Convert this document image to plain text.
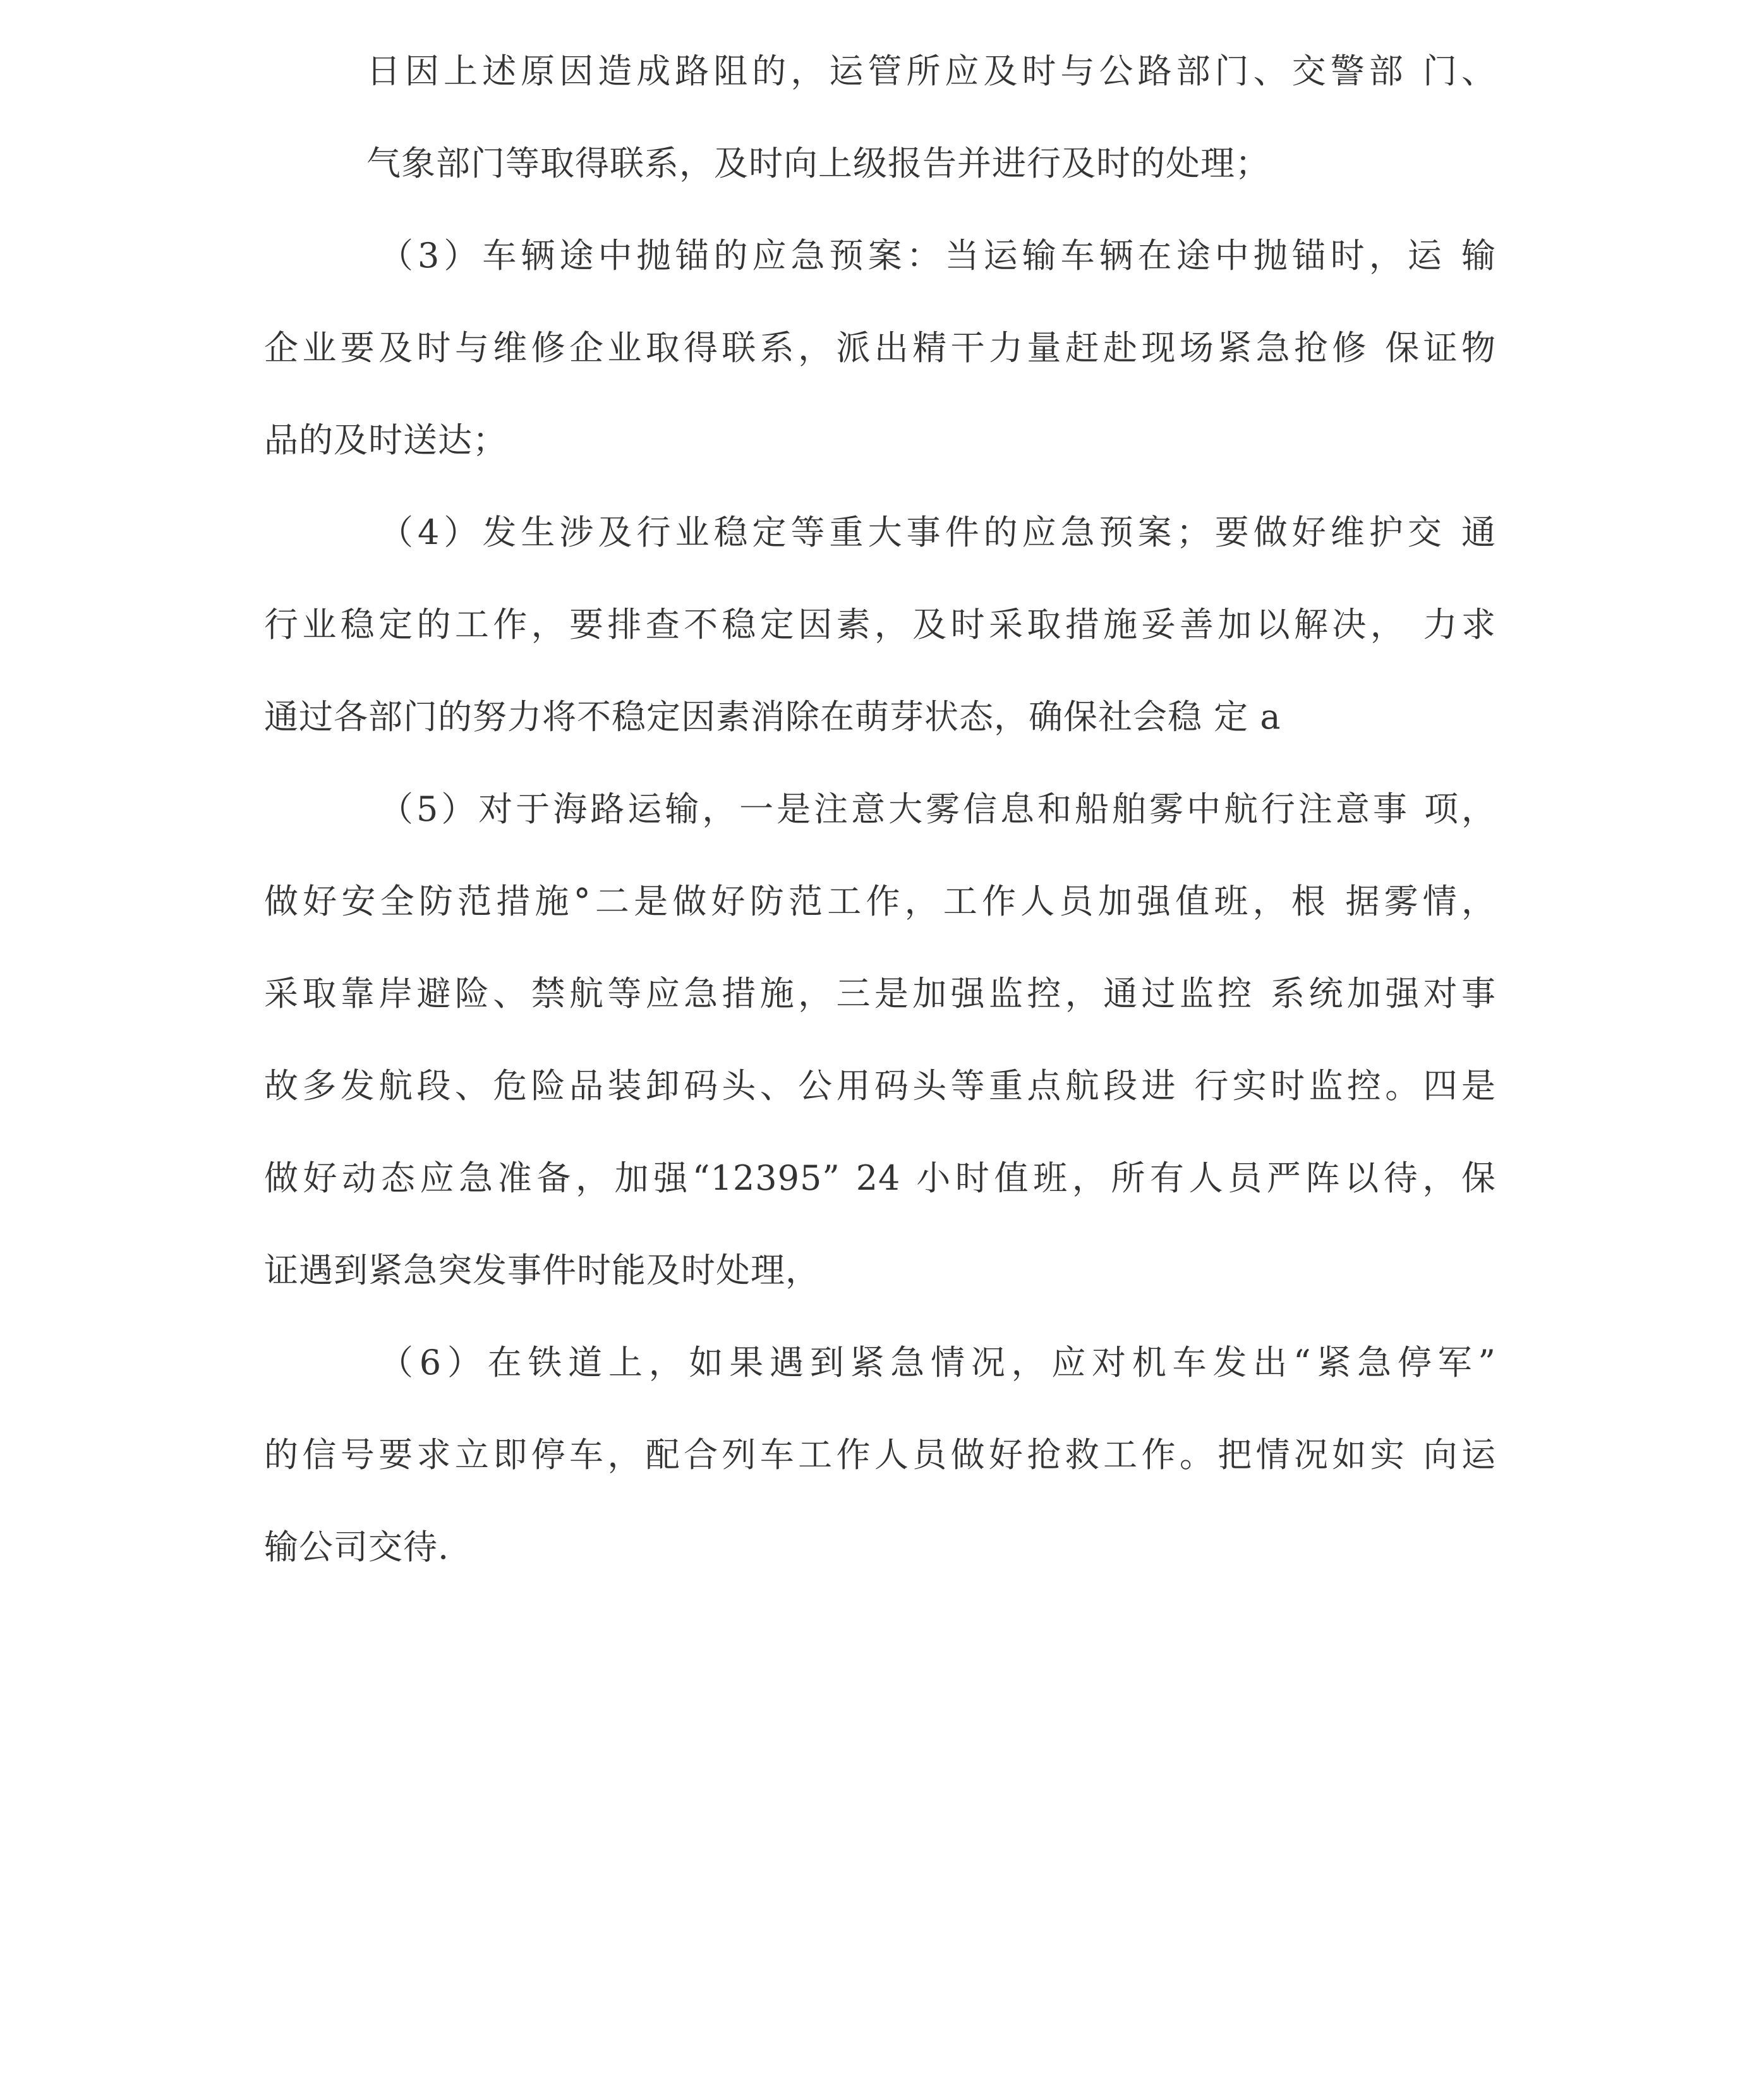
日因上述原因造成路阻的，运管所应及时与公路部门、交警部 门、
气象部门等取得联系，及时向上级报告并进行及时的处理；
（3）车辆途中抛锚的应急预案：当运输车辆在途中抛锚时，运 输
企业要及时与维修企业取得联系，派出精干力量赶赴现场紧急抢修 保证物
品的及时送达；
（4）发生涉及行业稳定等重大事件的应急预案；要做好维护交 通
行业稳定的工作，要排查不稳定因素，及时采取措施妥善加以解决， 力求
通过各部门的努力将不稳定因素消除在萌芽状态，确保社会稳 定 a
（5）对于海路运输，一是注意大雾信息和船舶雾中航行注意事 项，
做好安全防范措施°二是做好防范工作，工作人员加强值班，根 据雾情，
采取靠岸避险、禁航等应急措施，三是加强监控，通过监控 系统加强对事
故多发航段、危险品装卸码头、公用码头等重点航段进 行实时监控。四是
做好动态应急准备，加强“12395” 24 小时值班，所有人员严阵以待，保
证遇到紧急突发事件时能及时处理，
（6）在铁道上，如果遇到紧急情况，应对机车发出“紧急停军”
的信号要求立即停车，配合列车工作人员做好抢救工作。把情况如实 向运
输公司交待.
